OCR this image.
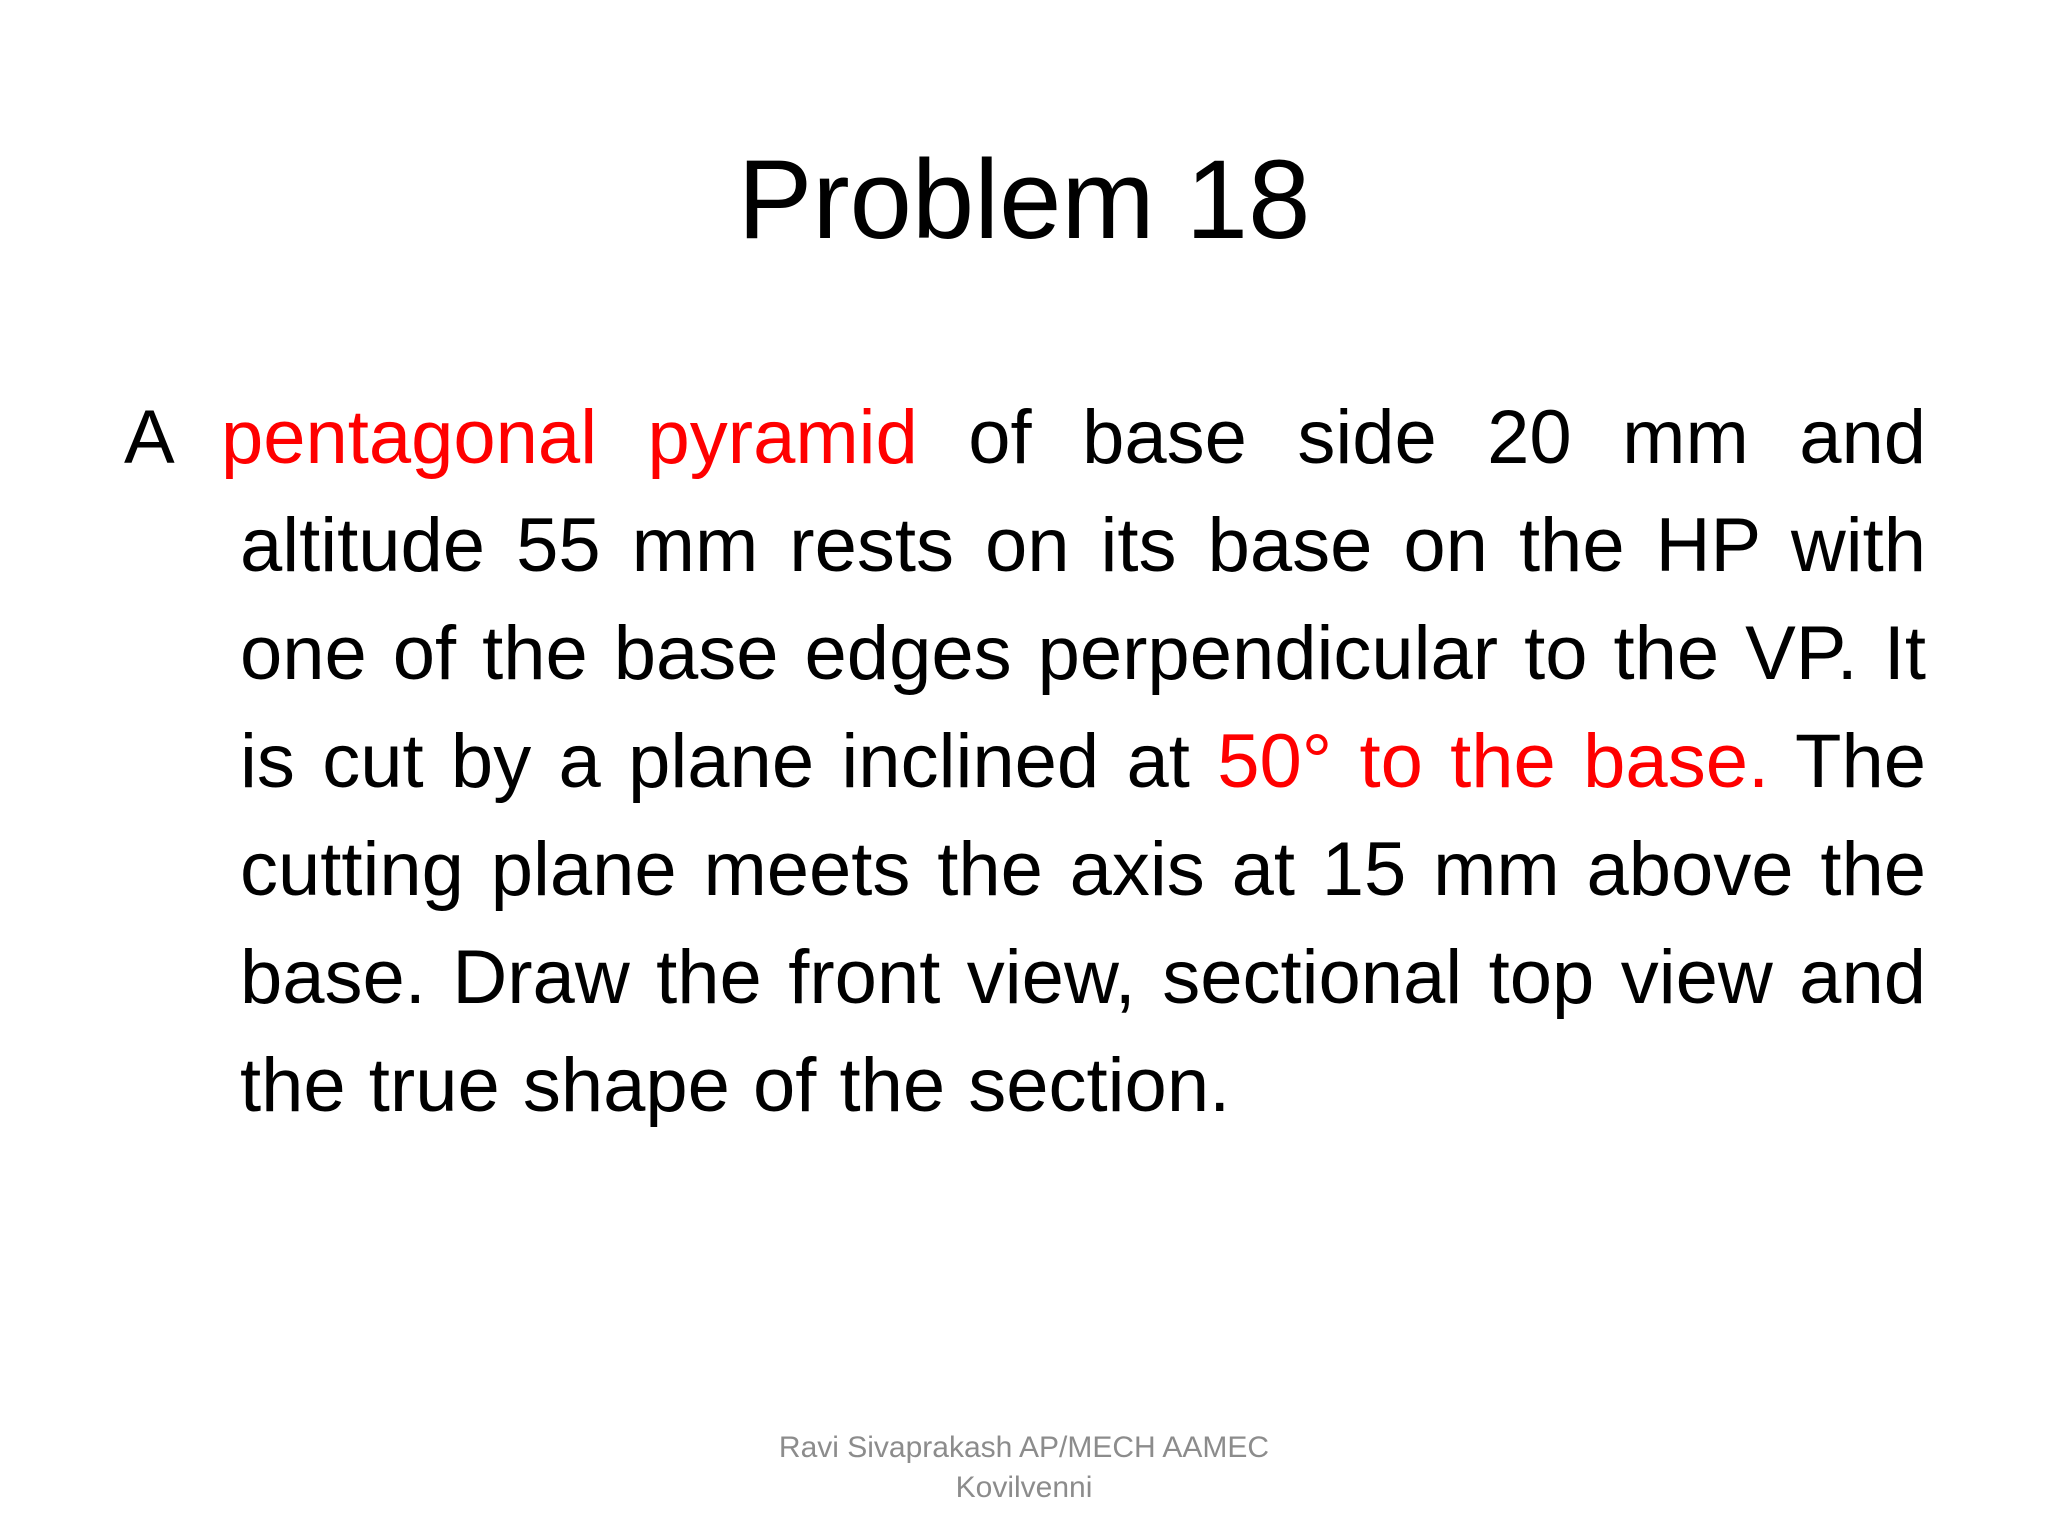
Problem 18
A pentagonal pyramid of base side 20 mm and altitude 55 mm rests on its base on the HP with one of the base edges perpendicular to the VP. It is cut by a plane inclined at 50° to the base. The cutting plane meets the axis at 15 mm above the base. Draw the front view, sectional top view and the true shape of the section.
Ravi Sivaprakash AP/MECH AAMEC
Kovilvenni
